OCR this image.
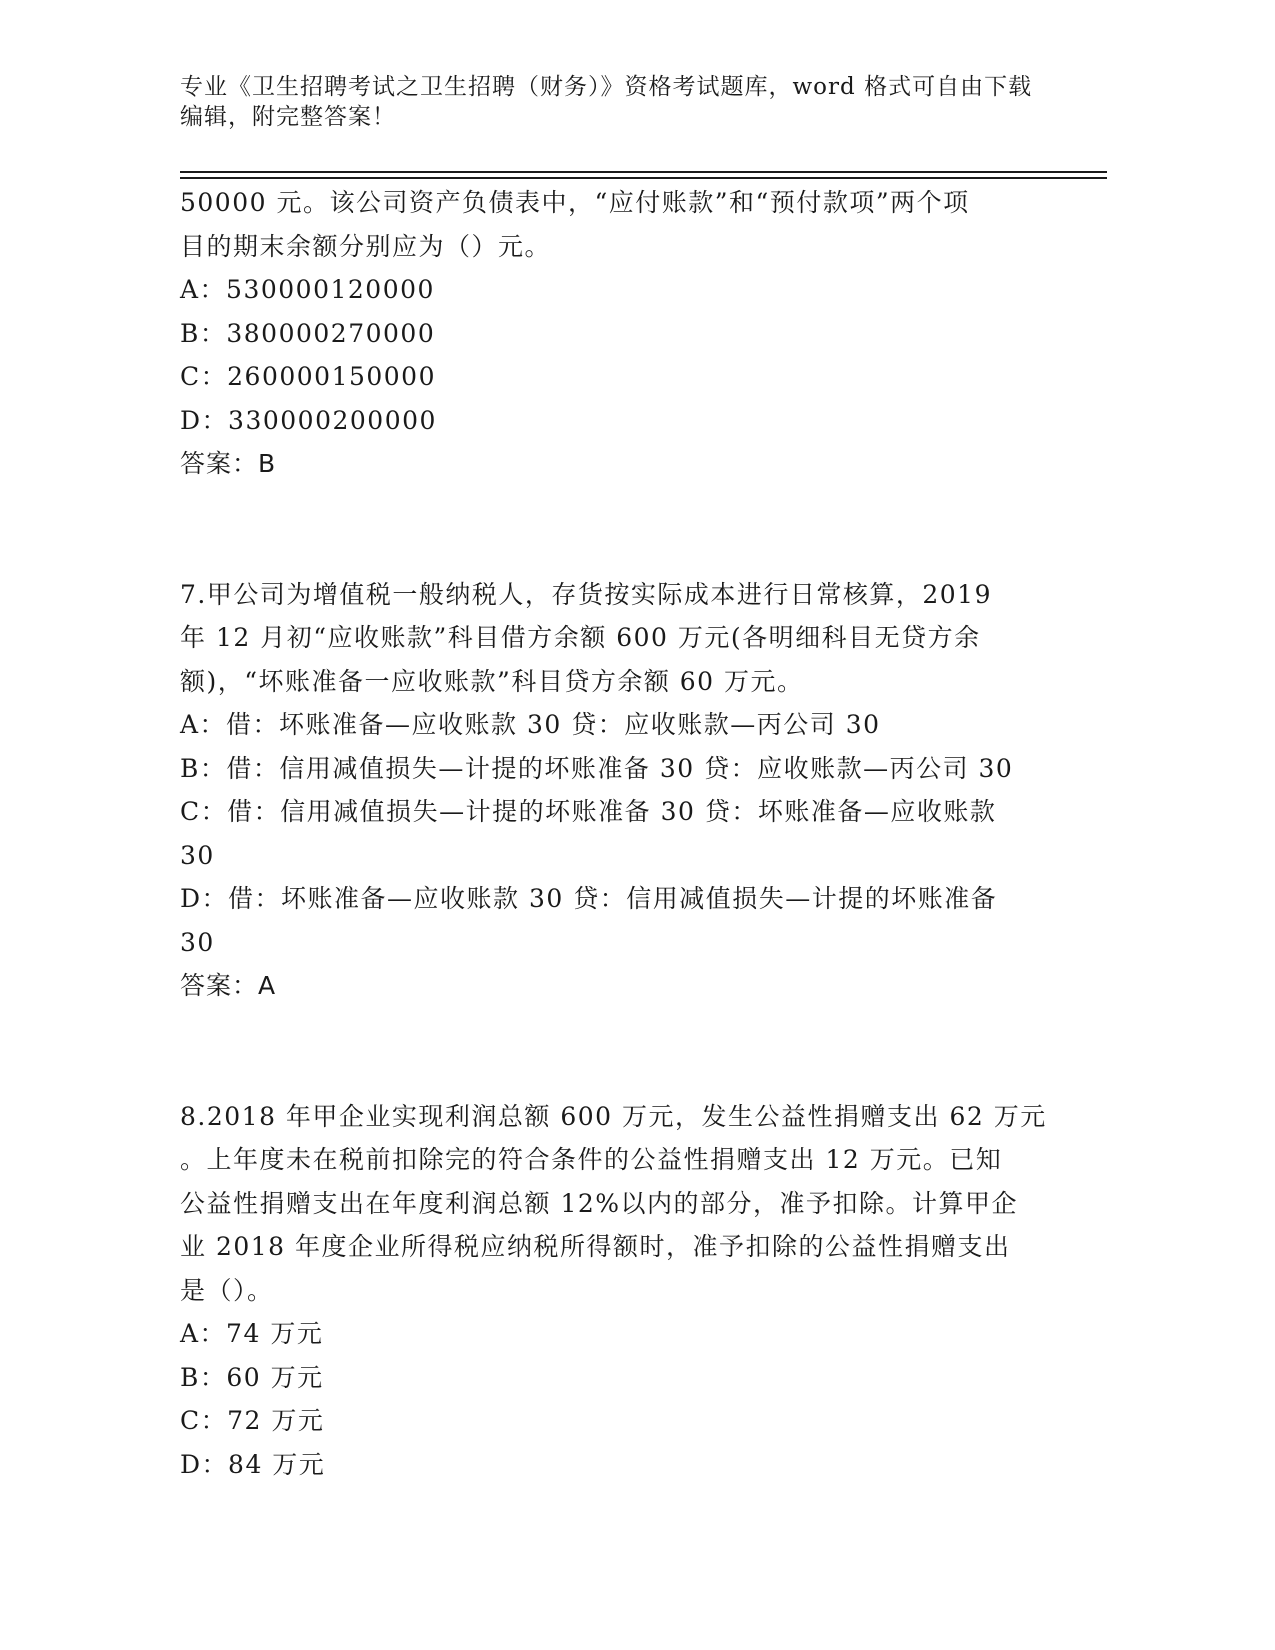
专业《卫生招聘考试之卫生招聘（财务）》资格考试题库，word 格式可自由下载
编辑，附完整答案！
50000 元。该公司资产负债表中，“应付账款”和“预付款项”两个项
目的期末余额分别应为（）元。
A：530000120000
B：380000270000
C：260000150000
D：330000200000
答案：B
7.甲公司为增值税一般纳税人，存货按实际成本进行日常核算，2019
年 12 月初“应收账款”科目借方余额 600 万元(各明细科目无贷方余
额)，“坏账准备一应收账款”科目贷方余额 60 万元。
A：借：坏账准备—应收账款 30 贷：应收账款—丙公司 30
B：借：信用减值损失—计提的坏账准备 30 贷：应收账款—丙公司 30
C：借：信用减值损失—计提的坏账准备 30 贷：坏账准备—应收账款
30
D：借：坏账准备—应收账款 30 贷：信用减值损失—计提的坏账准备
30
答案：A
8.2018 年甲企业实现利润总额 600 万元，发生公益性捐赠支出 62 万元
。上年度未在税前扣除完的符合条件的公益性捐赠支出 12 万元。已知
公益性捐赠支出在年度利润总额 12%以内的部分，准予扣除。计算甲企
业 2018 年度企业所得税应纳税所得额时，准予扣除的公益性捐赠支出
是（）。
A：74 万元
B：60 万元
C：72 万元
D：84 万元
